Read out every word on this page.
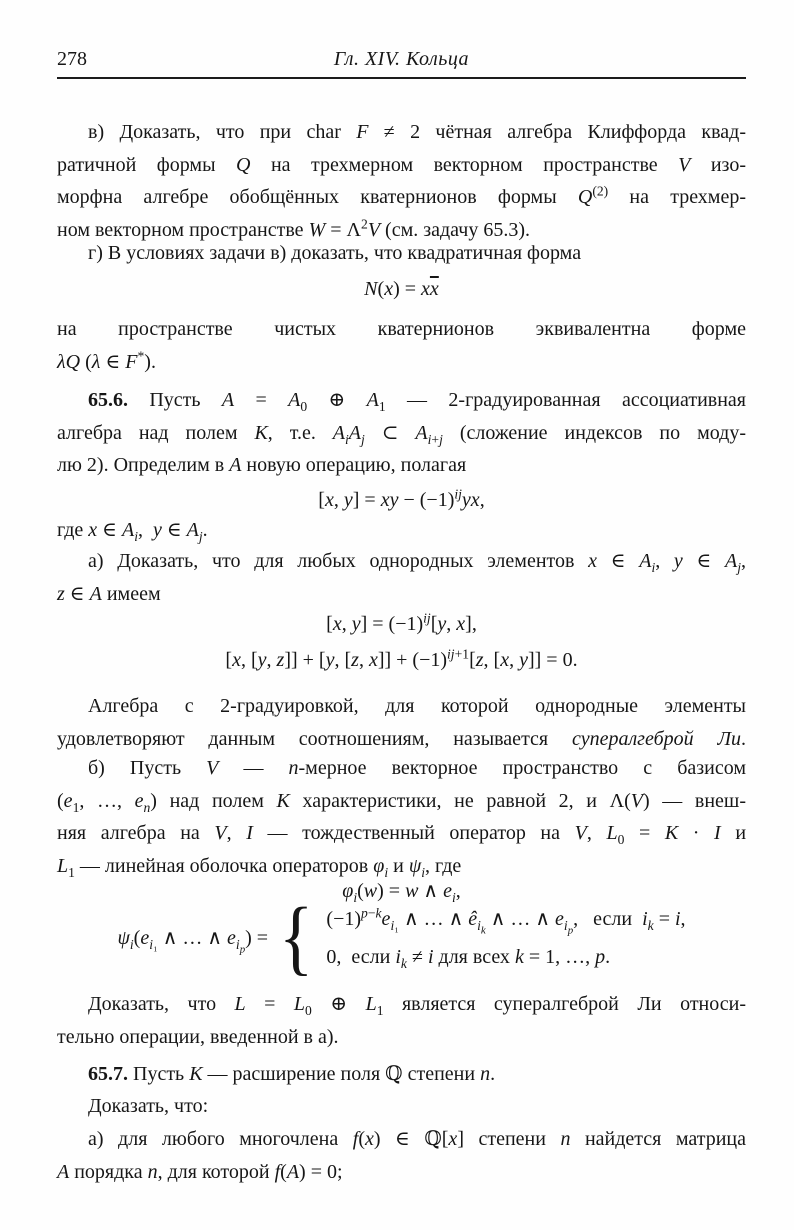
278	Гл. XIV. Кольца
в) Доказать, что при char F ≠ 2 чётная алгебра Клиффорда квад-
ратичной формы Q на трехмерном векторном пространстве V изо-
морфна алгебре обобщённых кватернионов формы $Q^{(2)}$ на трехмер-
ном векторном пространстве $W = \Lambda^2V$ (см. задачу 65.3).
г) В условиях задачи в) доказать, что квадратичная форма
$N(x) = x\overline{x}$
на пространстве чистых кватернионов эквивалентна форме
λQ (λ ∈ F*).
65.6. Пусть $A = A_0$ ⊕ $A_1$ — 2-градуированная ассоциативная
алгебра над полем K, т.е. $A_iA_j$ ⊂ $A_{i+j}$ (сложение индексов по моду-
лю 2). Определим в A новую операцию, полагая
[x, y] = xy − $(-1)^{ij}yx$,
где x ∈ $A_i$,  y ∈ $A_j$.
а) Доказать, что для любых однородных элементов x ∈ $A_i$, y ∈ $A_j$,
z ∈ A имеем
[x, $y] = (-1)^{ij}[y$, x],
[x, [y, z]] + [y, [z, $x]] + (-1)^{ij+1}[z$, [x, y]] = 0.
Алгебра с 2-градуировкой, для которой однородные элементы
удовлетворяют данным соотношениям, называется супералгеброй Ли.
б) Пусть V — n-мерное векторное пространство с базисом
($e_1$, …, $e_n$) над полем K характеристики, не равной 2, и Λ(V) — внеш-
няя алгебра на V, I — тождественный оператор на V, $L_0 = K \cdot I$ и
$L_1$ — линейная оболочка операторов $\varphi_i$ и $\psi_i$, где
$\varphi_i(w) = w$ ∧ $e_i$,
$\psi_i(e_{i_1}$ ∧ … ∧ $e_{i_p}$) = { $(-1)^{p-k}e_{i_1}$ ∧ … ∧ $ê_{i_k}$ ∧ … ∧ $e_{i_p}$,   если  $i_k = i$,
0,  если $i_k \ne i$ для всех k = 1, …, p.
Доказать, что $L = L_0$ ⊕ $L_1$ является супералгеброй Ли относи-
тельно операции, введенной в а).
65.7. Пусть K — расширение поля ℚ степени n.
Доказать, что:
а) для любого многочлена f(x) ∈ ℚ[x] степени n найдется матрица
A порядка n, для которой f(A) = 0;
